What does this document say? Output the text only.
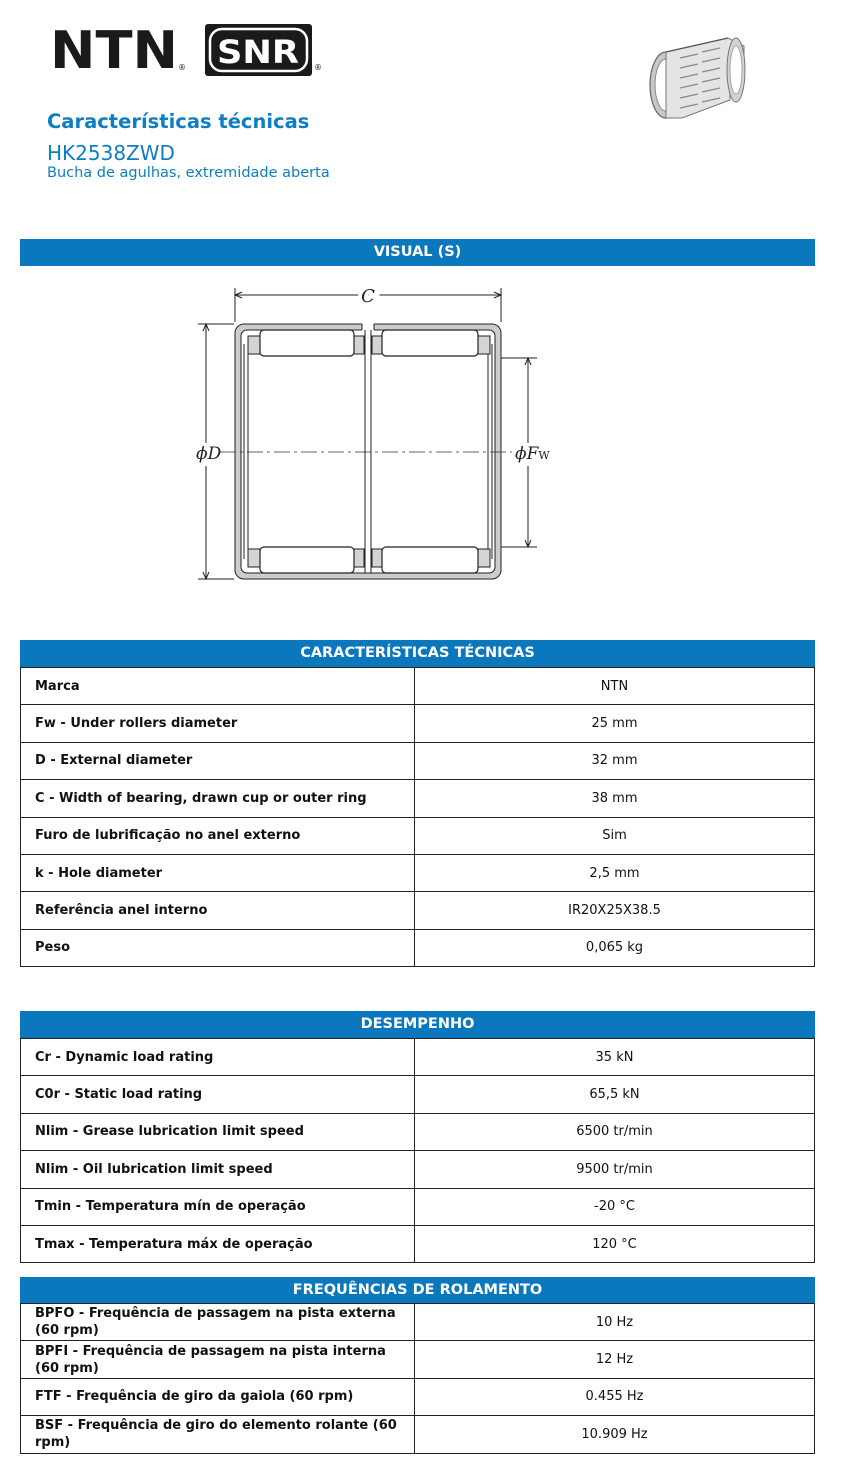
NTN ® SNR ®
Características técnicas
HK2538ZWD
Bucha de agulhas, extremidade aberta
VISUAL (S)
C
ϕD	ϕFW
CARACTERÍSTICAS TÉCNICAS
Marca	NTN
Fw - Under rollers diameter	25 mm
D - External diameter	32 mm
C - Width of bearing, drawn cup or outer ring	38 mm
Furo de lubrificação no anel externo	Sim
k - Hole diameter	2,5 mm
Referência anel interno	IR20X25X38.5
Peso	0,065 kg
DESEMPENHO
Cr - Dynamic load rating	35 kN
C0r - Static load rating	65,5 kN
Nlim - Grease lubrication limit speed	6500 tr/min
Nlim - Oil lubrication limit speed	9500 tr/min
Tmin - Temperatura mín de operação	-20 °C
Tmax - Temperatura máx de operação	120 °C
FREQUÊNCIAS DE ROLAMENTO
BPFO - Frequência de passagem na pista externa (60 rpm)	10 Hz
BPFI - Frequência de passagem na pista interna (60 rpm)	12 Hz
FTF - Frequência de giro da gaiola (60 rpm)	0.455 Hz
BSF - Frequência de giro do elemento rolante (60 rpm)	10.909 Hz
